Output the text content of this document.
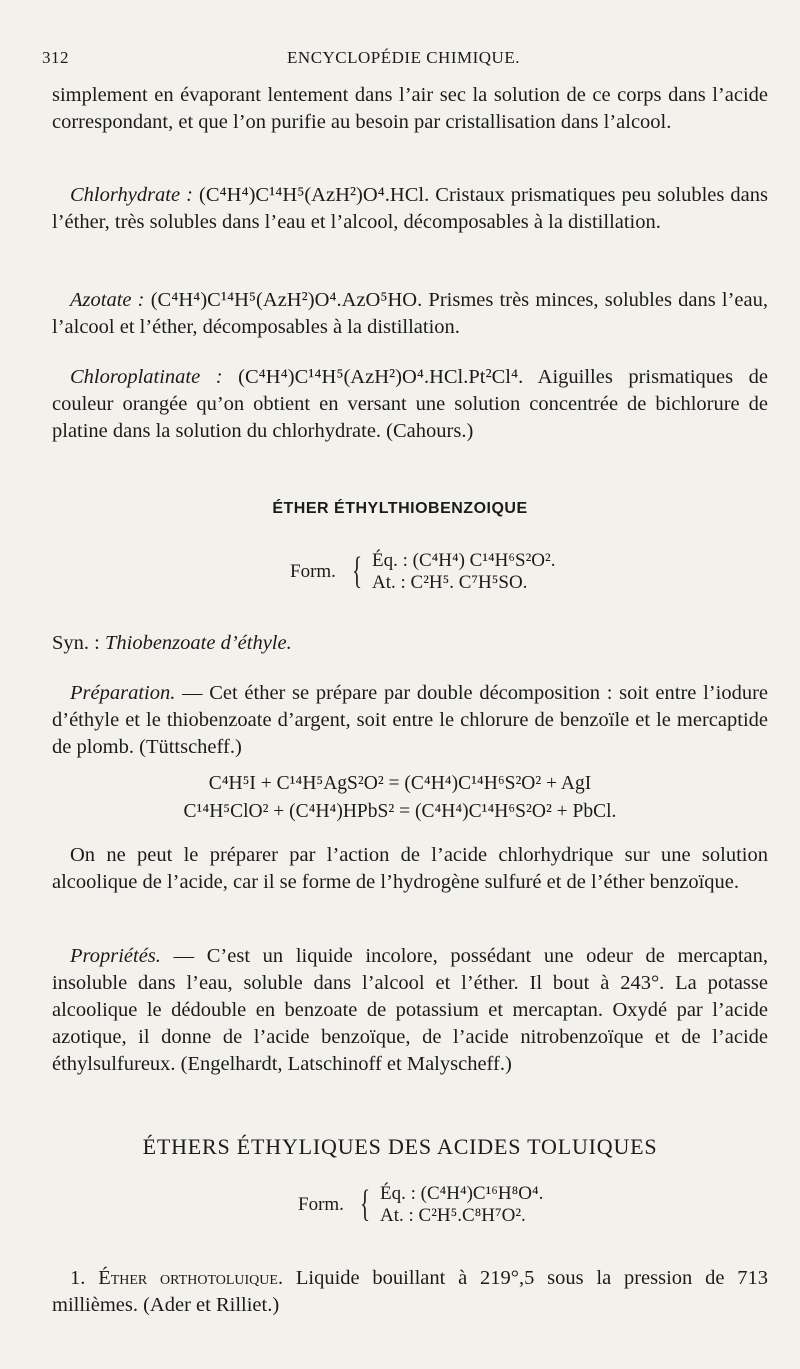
312	ENCYCLOPÉDIE CHIMIQUE.
simplement en évaporant lentement dans l’air sec la solution de ce corps dans l’acide correspondant, et que l’on purifie au besoin par cristallisation dans l’alcool.
Chlorhydrate : (C⁴H⁴)C¹⁴H⁵(AzH²)O⁴.HCl. Cristaux prismatiques peu solubles dans l’éther, très solubles dans l’eau et l’alcool, décomposables à la distillation.
Azotate : (C⁴H⁴)C¹⁴H⁵(AzH²)O⁴.AzO⁵HO. Prismes très minces, solubles dans l’eau, l’alcool et l’éther, décomposables à la distillation.
Chloroplatinate : (C⁴H⁴)C¹⁴H⁵(AzH²)O⁴.HCl.Pt²Cl⁴. Aiguilles prismatiques de couleur orangée qu’on obtient en versant une solution concentrée de bichlorure de platine dans la solution du chlorhydrate. (Cahours.)
ÉTHER ÉTHYLTHIOBENZOIQUE
Form. { Éq. : (C⁴H⁴) C¹⁴H⁶S²O².
At. : C²H⁵. C⁷H⁵SO.
Syn. : Thiobenzoate d’éthyle.
Préparation. — Cet éther se prépare par double décomposition : soit entre l’iodure d’éthyle et le thiobenzoate d’argent, soit entre le chlorure de benzoïle et le mercaptide de plomb. (Tüttscheff.)
C⁴H⁵I + C¹⁴H⁵AgS²O² = (C⁴H⁴)C¹⁴H⁶S²O² + AgI
C¹⁴H⁵ClO² + (C⁴H⁴)HPbS² = (C⁴H⁴)C¹⁴H⁶S²O² + PbCl.
On ne peut le préparer par l’action de l’acide chlorhydrique sur une solution alcoolique de l’acide, car il se forme de l’hydrogène sulfuré et de l’éther benzoïque.
Propriétés. — C’est un liquide incolore, possédant une odeur de mercaptan, insoluble dans l’eau, soluble dans l’alcool et l’éther. Il bout à 243°. La potasse alcoolique le dédouble en benzoate de potassium et mercaptan. Oxydé par l’acide azotique, il donne de l’acide benzoïque, de l’acide nitrobenzoïque et de l’acide éthylsulfureux. (Engelhardt, Latschinoff et Malyscheff.)
ÉTHERS ÉTHYLIQUES DES ACIDES TOLUIQUES
Form. { Éq. : (C⁴H⁴)C¹⁶H⁸O⁴.
At. : C²H⁵.C⁸H⁷O².
1. Éther orthotoluique. Liquide bouillant à 219°,5 sous la pression de 713 millièmes. (Ader et Rilliet.)
